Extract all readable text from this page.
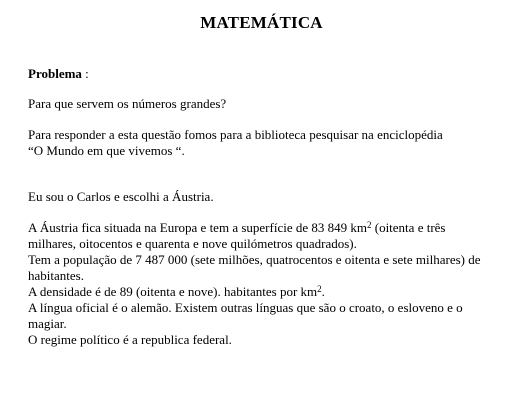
MATEMÁTICA
Problema :
Para que servem os números grandes?
Para responder a esta questão fomos para a biblioteca pesquisar na enciclopédia
“O Mundo em que vivemos “.
Eu sou o Carlos e escolhi a Áustria.
A Áustria fica situada na Europa e tem a superfície de 83 849 $km^2$ (oitenta e três
milhares, oitocentos e quarenta e nove quilómetros quadrados).
Tem a população de 7 487 000 (sete milhões, quatrocentos e oitenta e sete milhares) de
habitantes.
A densidade é de 89 (oitenta e nove). habitantes por $km^2$.
A língua oficial é o alemão. Existem outras línguas que são o croato, o esloveno e o
magiar.
O regime político é a republica federal.
